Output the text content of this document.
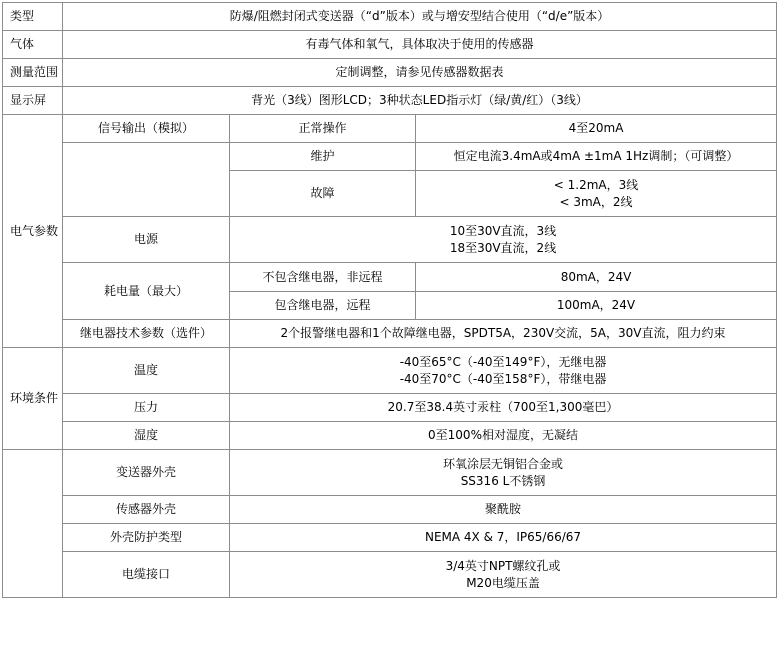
类型	防爆/阻燃封闭式变送器（“d”版本）或与增安型结合使用（“d/e”版本）		
气体	有毒气体和氧气，具体取决于使用的传感器		
测量范围	定制调整，请参见传感器数据表		
显示屏	背光（3线）图形LCD；3种状态LED指示灯（绿/黄/红）（3线）		
电气参数	信号输出（模拟）	正常操作	4至20mA
		维护	恒定电流3.4mA或4mA ±1mA 1Hz调制；（可调整）
		故障	< 1.2mA，3线
< 3mA，2线

	电源	10至30V直流，3线
18至30V直流，2线	

	耗电量（最大）	不包含继电器，非远程	80mA，24V
		包含继电器，远程	100mA，24V
	继电器技术参数（选件）	2个报警继电器和1个故障继电器，SPDT5A，230V交流，5A，30V直流，阻力约束	
环境条件	温度	-40至65°C（-40至149°F），无继电器
-40至70°C（-40至158°F），带继电器	

	压力	20.7至38.4英寸汞柱（700至1,300毫巴）	
	湿度	0至100%相对湿度，无凝结	
	变送器外壳	环氧涂层无铜铝合金或
SS316 L不锈钢	

	传感器外壳	聚酰胺	
	外壳防护类型	NEMA 4X & 7，IP65/66/67	
	电缆接口	3/4英寸NPT螺纹孔或
M20电缆压盖	
